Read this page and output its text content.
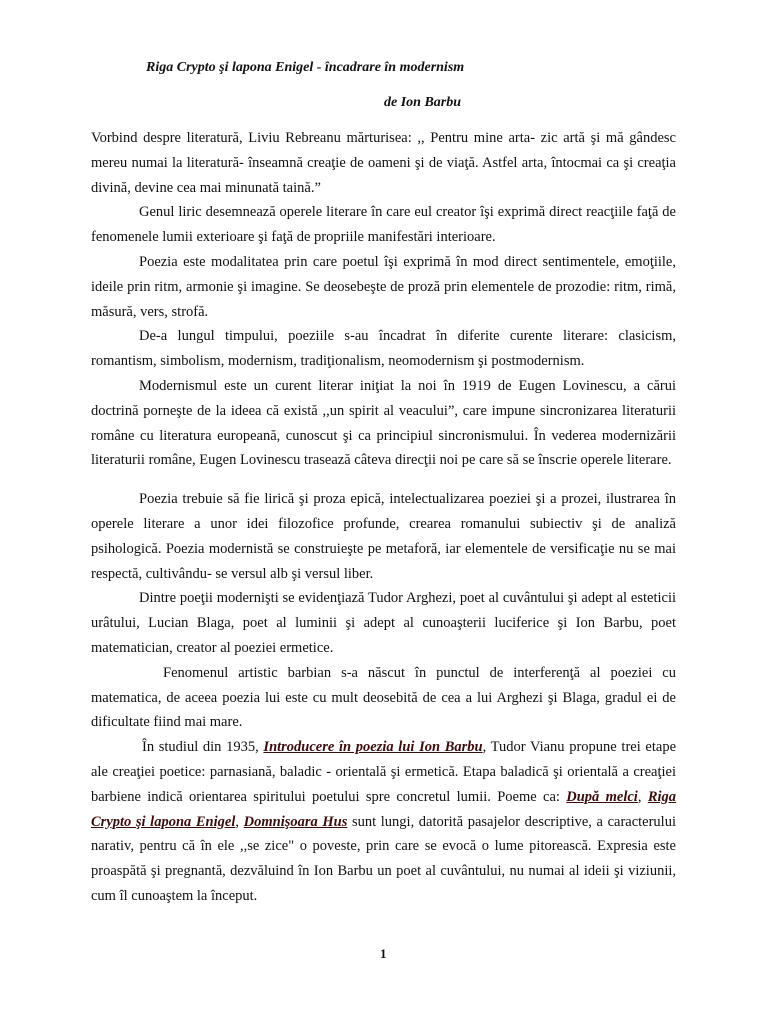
Riga Crypto şi lapona Enigel - încadrare în modernism

de Ion Barbu

Vorbind despre literatură, Liviu Rebreanu mărturisea: ,, Pentru mine arta- zic artă şi mă gândesc mereu numai la literatură- înseamnă creaţie de oameni şi de viaţă. Astfel arta, întocmai ca şi creaţia divină, devine cea mai minunată taină.”

Genul liric desemnează operele literare în care eul creator îşi exprimă direct reacţiile faţă de fenomenele lumii exterioare şi faţă de propriile manifestări interioare.

Poezia este modalitatea prin care poetul îşi exprimă în mod direct sentimentele, emoţiile, ideile prin ritm, armonie şi imagine. Se deosebeşte de proză prin elementele de prozodie: ritm, rimă, măsură, vers, strofă.

De-a lungul timpului, poeziile s-au încadrat în diferite curente literare: clasicism, romantism, simbolism, modernism, tradiţionalism, neomodernism şi postmodernism.

Modernismul este un curent literar iniţiat la noi în 1919 de Eugen Lovinescu, a cărui doctrină porneşte de la ideea că există ,,un spirit al veacului”, care impune sincronizarea literaturii române cu literatura europeană, cunoscut şi ca principiul sincronismului. În vederea modernizării literaturii române, Eugen Lovinescu trasează câteva direcţii noi pe care să se înscrie operele literare.

Poezia trebuie să fie lirică şi proza epică, intelectualizarea poeziei şi a prozei, ilustrarea în operele literare a unor idei filozofice profunde, crearea romanului subiectiv şi de analiză psihologică. Poezia modernistă se construieşte pe metaforă, iar elementele de versificaţie nu se mai respectă, cultivându- se versul alb şi versul liber.

Dintre poeţii modernişti se evidenţiază Tudor Arghezi, poet al cuvântului şi adept al esteticii urâtului, Lucian Blaga, poet al luminii şi adept al cunoaşterii luciferice şi Ion Barbu, poet matematician, creator al poeziei ermetice.

Fenomenul artistic barbian s-a născut în punctul de interferenţă al poeziei cu matematica, de aceea poezia lui este cu mult deosebită de cea a lui Arghezi şi Blaga, gradul ei de dificultate fiind mai mare.

În studiul din 1935, Introducere în poezia lui Ion Barbu, Tudor Vianu propune trei etape ale creaţiei poetice: parnasiană, baladic - orientală şi ermetică. Etapa baladică şi orientală a creaţiei barbiene indică orientarea spiritului poetului spre concretul lumii. Poeme ca: După melci, Riga Crypto şi lapona Enigel, Domnişoara Hus sunt lungi, datorită pasajelor descriptive, a caracterului narativ, pentru că în ele ,,se zice" o poveste, prin care se evocă o lume pitorească. Expresia este proaspătă şi pregnantă, dezvăluind în Ion Barbu un poet al cuvântului, nu numai al ideii şi viziunii, cum îl cunoaştem la început.

1
